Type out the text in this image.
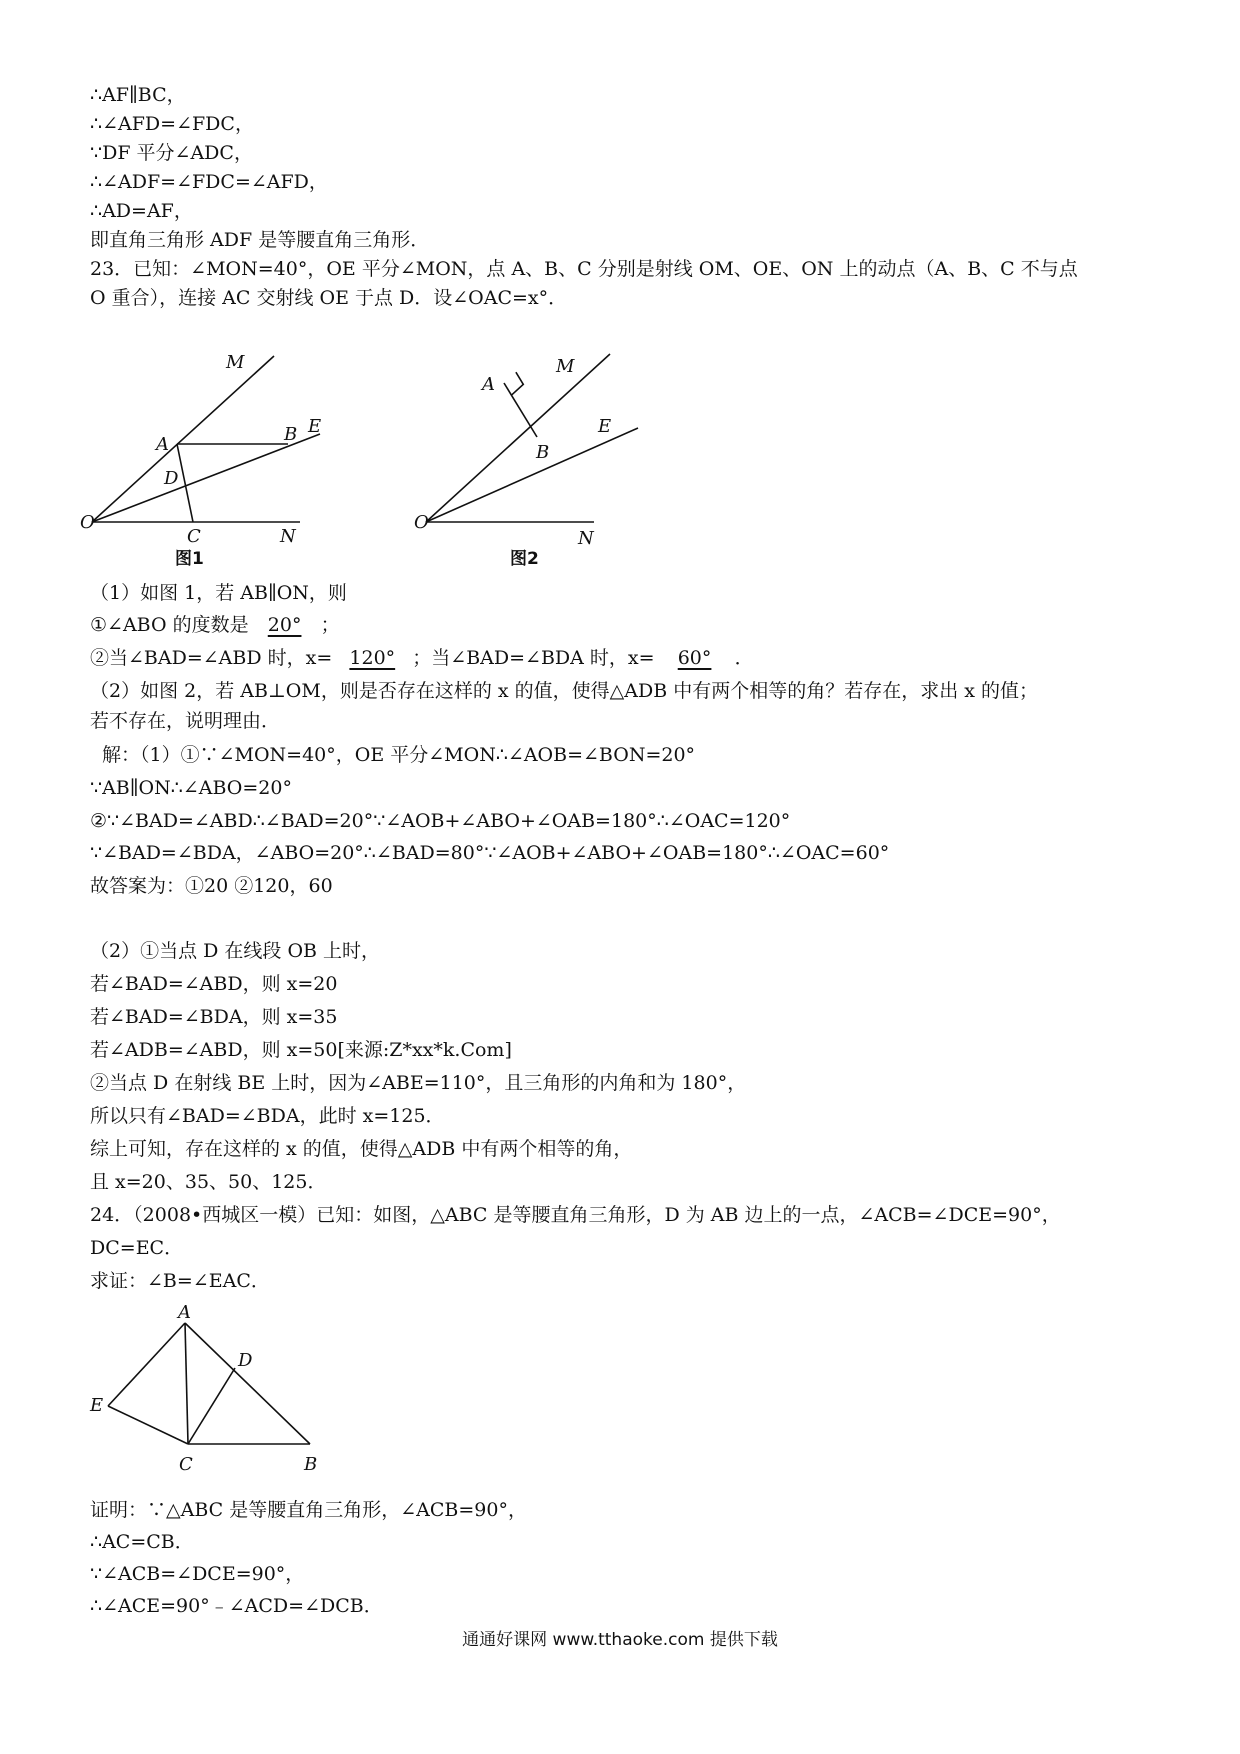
∴AF∥BC，
∴∠AFD=∠FDC，
∵DF 平分∠ADC，
∴∠ADF=∠FDC=∠AFD，
∴AD=AF，
即直角三角形 ADF 是等腰直角三角形．
23．已知：∠MON=40°，OE 平分∠MON，点 A、B、C 分别是射线 OM、OE、ON 上的动点（A、B、C 不与点
O 重合），连接 AC 交射线 OE 于点 D．设∠OAC=x°．
M
A	B E
D
O
C	N
图1
M
A
B
E
O
N
图2
（1）如图 1，若 AB∥ON，则
①∠ABO 的度数是 20° ；
②当∠BAD=∠ABD 时，x= 120° ；当∠BAD=∠BDA 时，x= 60° ．
（2）如图 2，若 AB⊥OM，则是否存在这样的 x 的值，使得△ADB 中有两个相等的角？若存在，求出 x 的值；
若不存在，说明理由．
解：（1）①∵∠MON=40°，OE 平分∠MON∴∠AOB=∠BON=20°
∵AB∥ON∴∠ABO=20°
②∵∠BAD=∠ABD∴∠BAD=20°∵∠AOB+∠ABO+∠OAB=180°∴∠OAC=120°
∵∠BAD=∠BDA，∠ABO=20°∴∠BAD=80°∵∠AOB+∠ABO+∠OAB=180°∴∠OAC=60°
故答案为：①20 ②120，60
（2）①当点 D 在线段 OB 上时，
若∠BAD=∠ABD，则 x=20
若∠BAD=∠BDA，则 x=35
若∠ADB=∠ABD，则 x=50[来源:Z*xx*k.Com]
②当点 D 在射线 BE 上时，因为∠ABE=110°，且三角形的内角和为 180°，
所以只有∠BAD=∠BDA，此时 x=125．
综上可知，存在这样的 x 的值，使得△ADB 中有两个相等的角，
且 x=20、35、50、125．
24．（2008•西城区一模）已知：如图，△ABC 是等腰直角三角形，D 为 AB 边上的一点，∠ACB=∠DCE=90°，
DC=EC．
求证：∠B=∠EAC．
A
D
E
C	B
证明：∵△ABC 是等腰直角三角形，∠ACB=90°，
∴AC=CB．
∵∠ACB=∠DCE=90°，
∴∠ACE=90°﹣∠ACD=∠DCB．
通通好课网 www.tthaoke.com 提供下载
